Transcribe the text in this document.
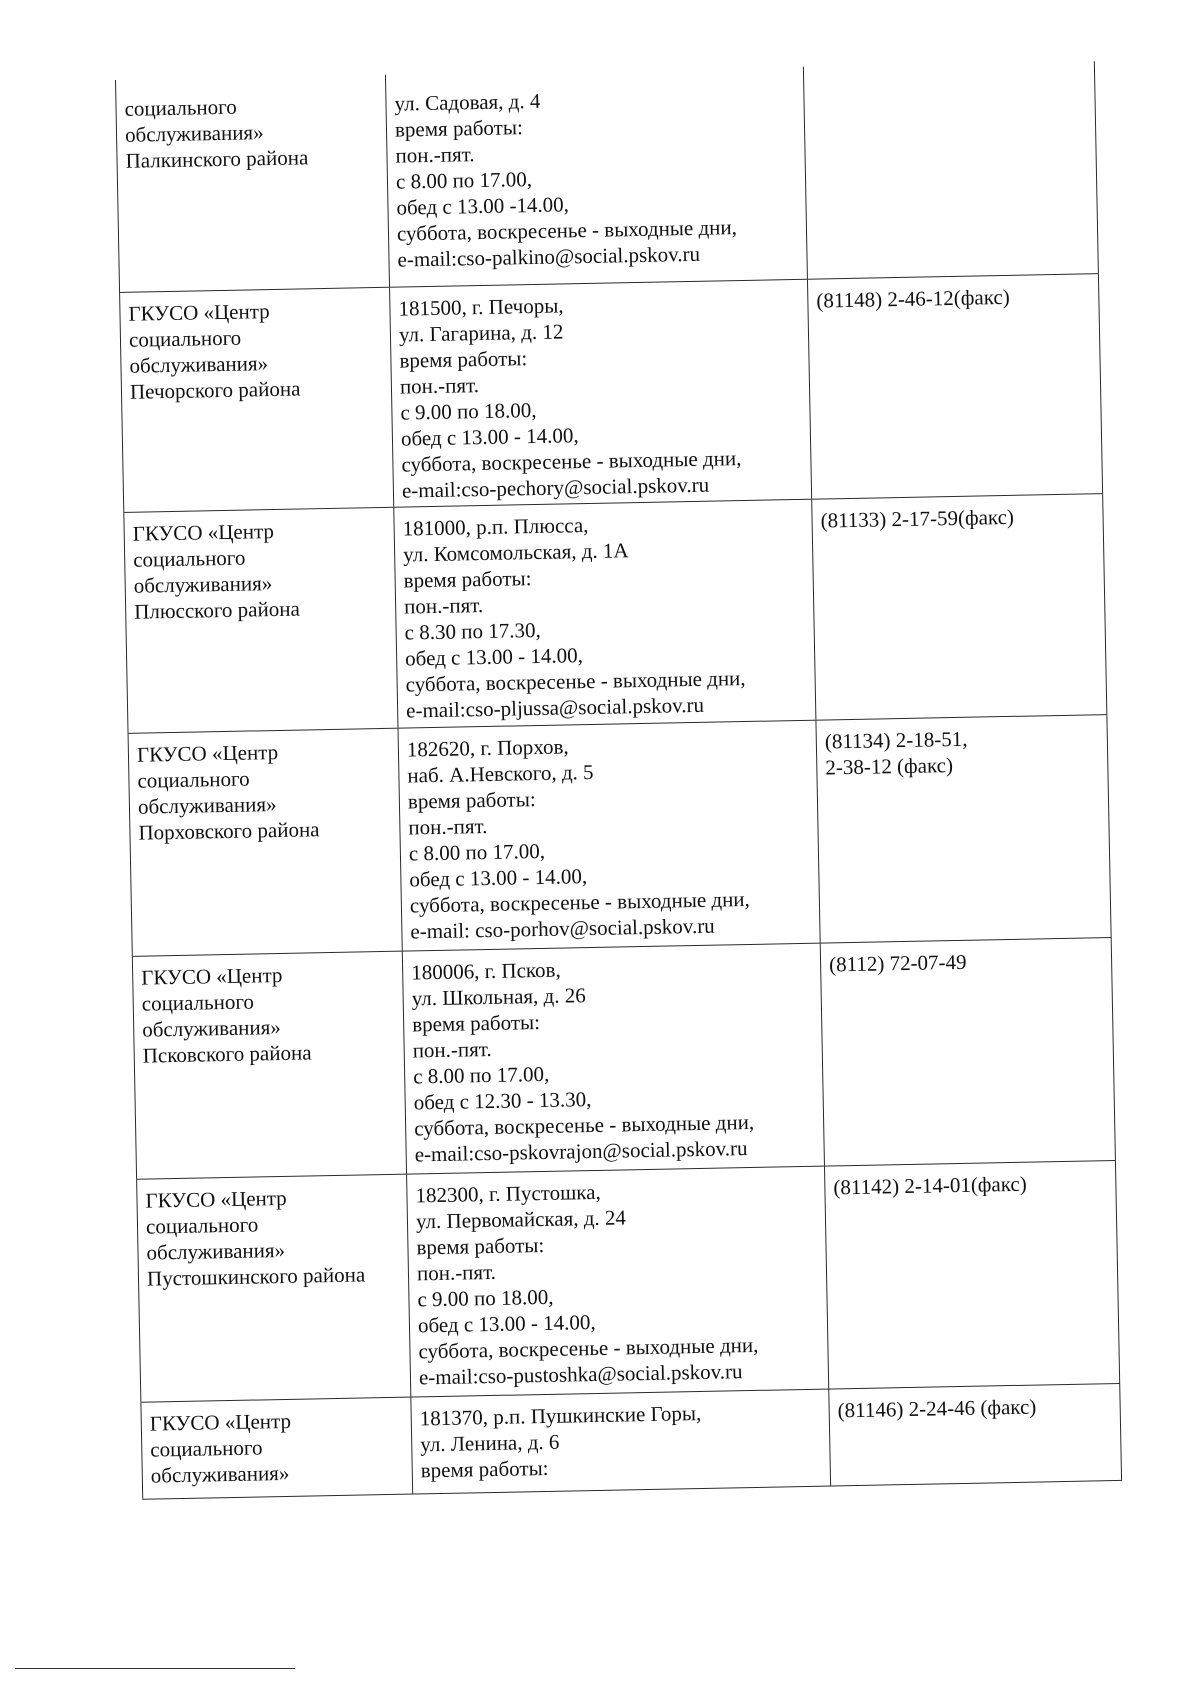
социального
обслуживания»
Палкинского района
ул. Садовая, д. 4
время работы:
пон.-пят.
с 8.00 по 17.00,
обед с 13.00 -14.00,
суббота, воскресенье - выходные дни,
e-mail:cso-palkino@social.pskov.ru
ГКУСО «Центр
социального
обслуживания»
Печорского района
181500, г. Печоры,
ул. Гагарина, д. 12
время работы:
пон.-пят.
с 9.00 по 18.00,
обед с 13.00 - 14.00,
суббота, воскресенье - выходные дни,
e-mail:cso-pechory@social.pskov.ru
(81148) 2-46-12(факс)
ГКУСО «Центр
социального
обслуживания»
Плюсского района
181000, р.п. Плюсса,
ул. Комсомольская, д. 1А
время работы:
пон.-пят.
с 8.30 по 17.30,
обед с 13.00 - 14.00,
суббота, воскресенье - выходные дни,
e-mail:cso-pljussa@social.pskov.ru
(81133) 2-17-59(факс)
ГКУСО «Центр
социального
обслуживания»
Порховского района
182620, г. Порхов,
наб. А.Невского, д. 5
время работы:
пон.-пят.
с 8.00 по 17.00,
обед с 13.00 - 14.00,
суббота, воскресенье - выходные дни,
e-mail: cso-porhov@social.pskov.ru
(81134) 2-18-51,
2-38-12 (факс)
ГКУСО «Центр
социального
обслуживания»
Псковского района
180006, г. Псков,
ул. Школьная, д. 26
время работы:
пон.-пят.
с 8.00 по 17.00,
обед с 12.30 - 13.30,
суббота, воскресенье - выходные дни,
e-mail:cso-pskovrajon@social.pskov.ru
(8112) 72-07-49
ГКУСО «Центр
социального
обслуживания»
Пустошкинского района
182300, г. Пустошка,
ул. Первомайская, д. 24
время работы:
пон.-пят.
с 9.00 по 18.00,
обед с 13.00 - 14.00,
суббота, воскресенье - выходные дни,
e-mail:cso-pustoshka@social.pskov.ru
(81142) 2-14-01(факс)
ГКУСО «Центр
социального
обслуживания»
181370, р.п. Пушкинские Горы,
ул. Ленина, д. 6
время работы:
(81146) 2-24-46 (факс)
